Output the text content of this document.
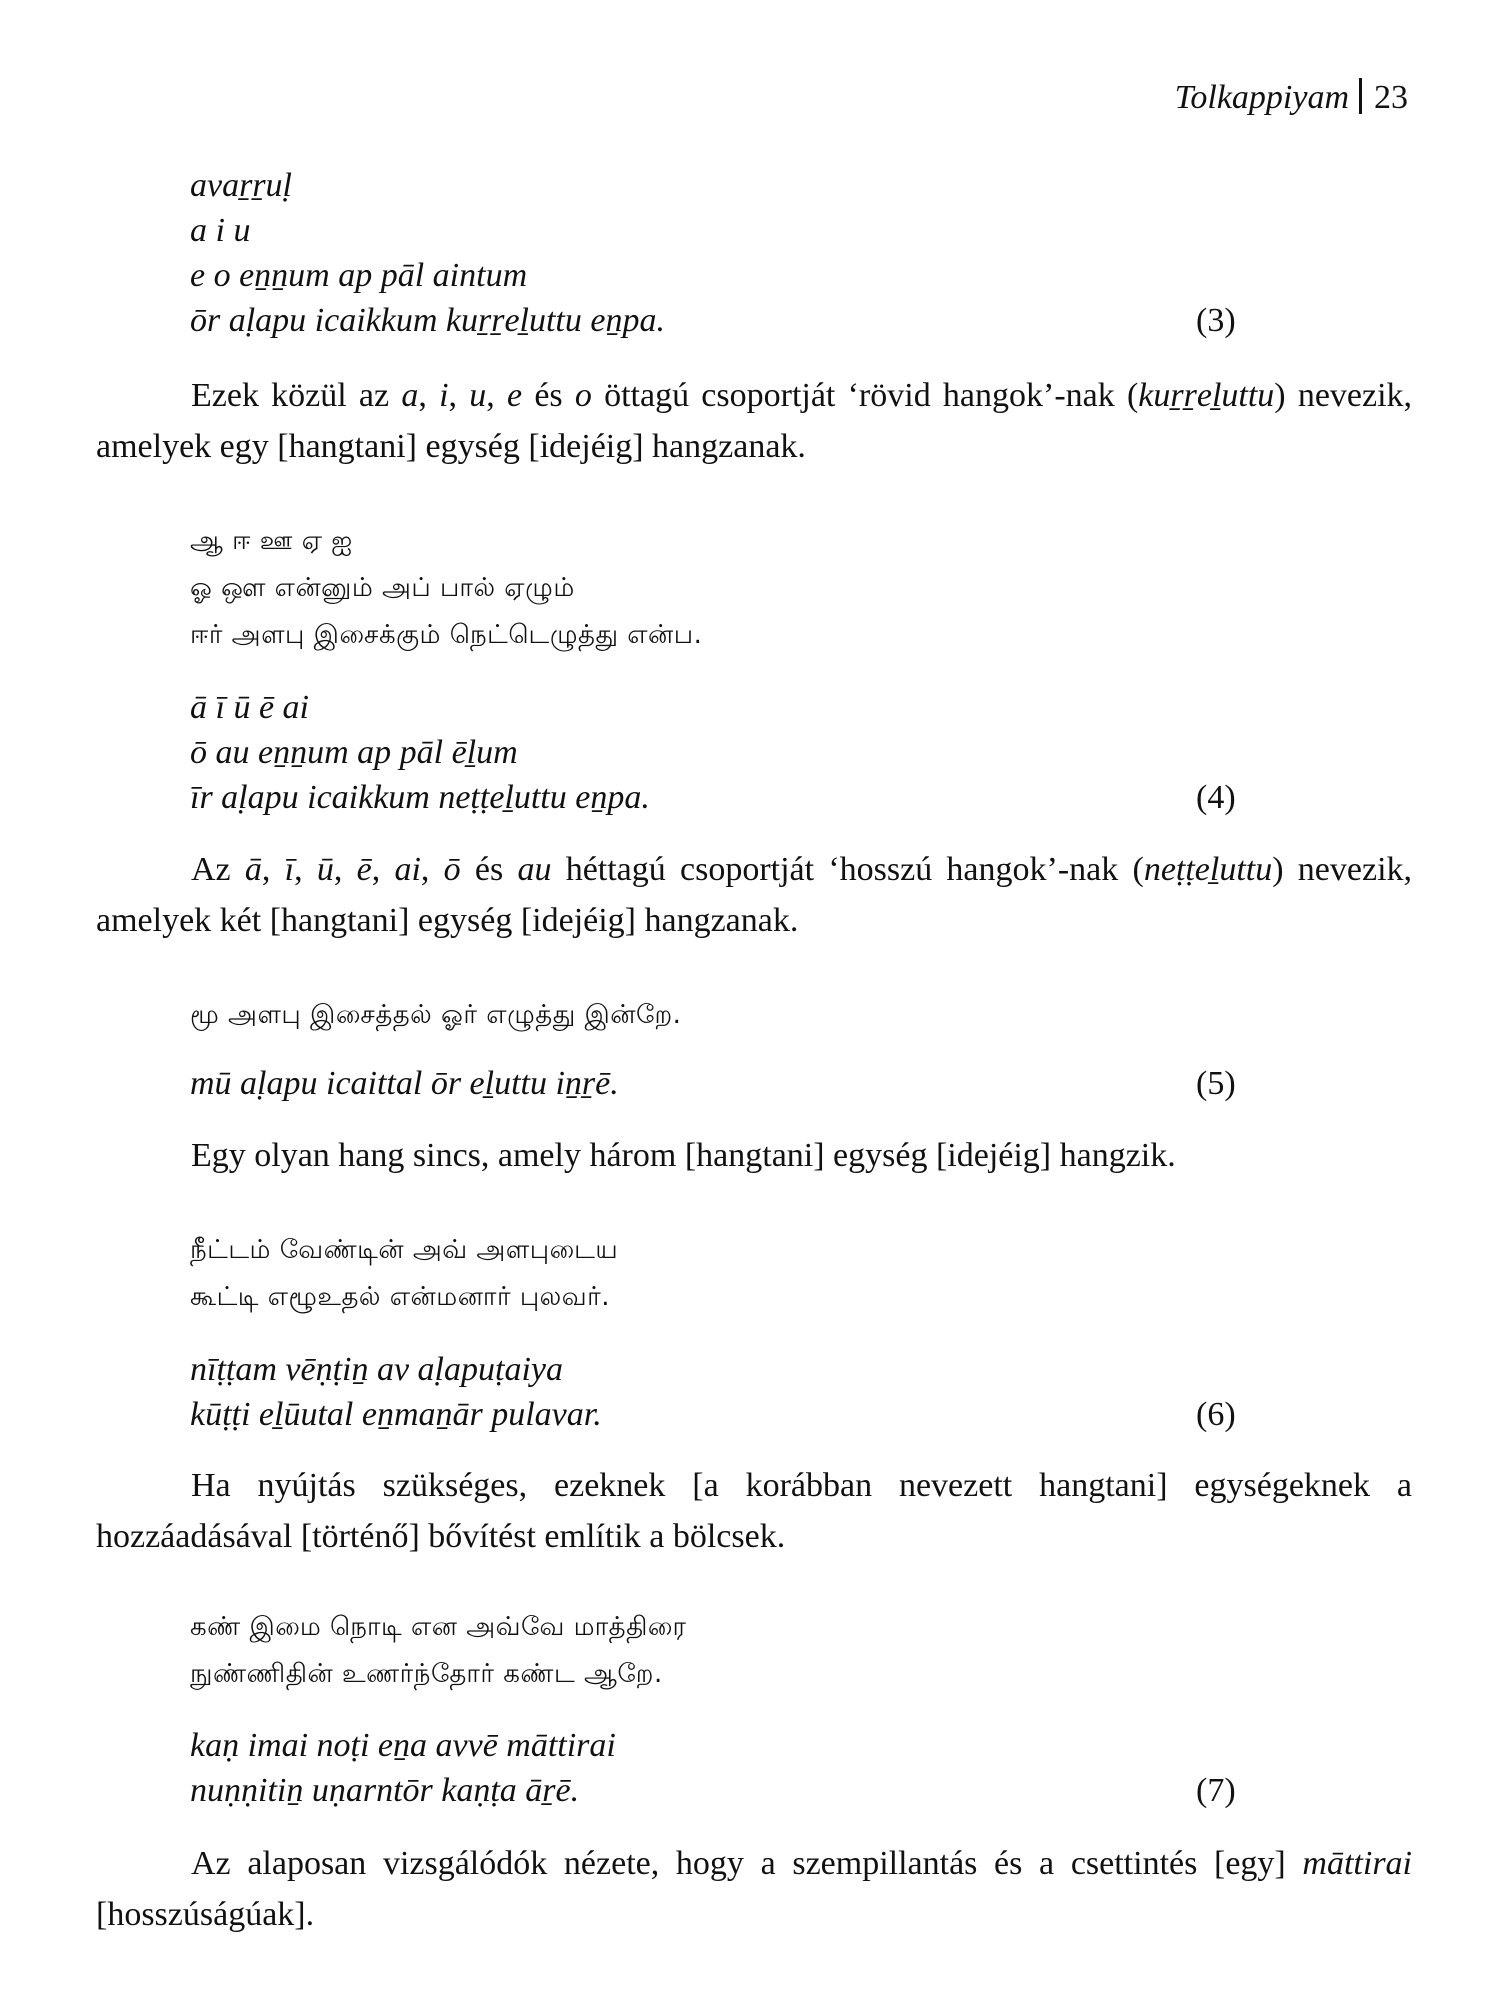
Tolkappiyam 23
avaṟṟuḷ
a i u
e o eṉṉum ap pāl aintum
ōr aḷapu icaikkum kuṟṟeḻuttu eṉpa.	(3)
Ezek közül az a, i, u, e és o öttagú csoportját ‘rövid hangok’-nak (kuṟṟeḻuttu) nevezik, amelyek egy [hangtani] egység [idejéig] hangzanak.
ஆ ஈ ஊ ஏ ஐ
ஓ ஔ என்னும் அப் பால் ஏழும்
ஈர் அளபு இசைக்கும் நெட்டெழுத்து என்ப.
ā ī ū ē ai
ō au eṉṉum ap pāl ēḻum
īr aḷapu icaikkum neṭṭeḻuttu eṉpa.	(4)
Az ā, ī, ū, ē, ai, ō és au héttagú csoportját ‘hosszú hangok’-nak (neṭṭeḻuttu) nevezik, amelyek két [hangtani] egység [idejéig] hangzanak.
மூ அளபு இசைத்தல் ஓர் எழுத்து இன்றே.
mū aḷapu icaittal ōr eḻuttu iṉṟē.	(5)
Egy olyan hang sincs, amely három [hangtani] egység [idejéig] hangzik.
நீட்டம் வேண்டின் அவ் அளபுடைய
கூட்டி எழூஉதல் என்மனார் புலவர்.
nīṭṭam vēṇṭiṉ av aḷapuṭaiya
kūṭṭi eḻūutal eṉmaṉār pulavar.	(6)
Ha nyújtás szükséges, ezeknek [a korábban nevezett hangtani] egységeknek a hozzáadásával [történő] bővítést említik a bölcsek.
கண் இமை நொடி என அவ்வே மாத்திரை
நுண்ணிதின் உணர்ந்தோர் கண்ட ஆறே.
kaṇ imai noṭi eṉa avvē māttirai
nuṇṇitiṉ uṇarntōr kaṇṭa āṟē.	(7)
Az alaposan vizsgálódók nézete, hogy a szempillantás és a csettintés [egy] māttirai [hosszúságúak].
